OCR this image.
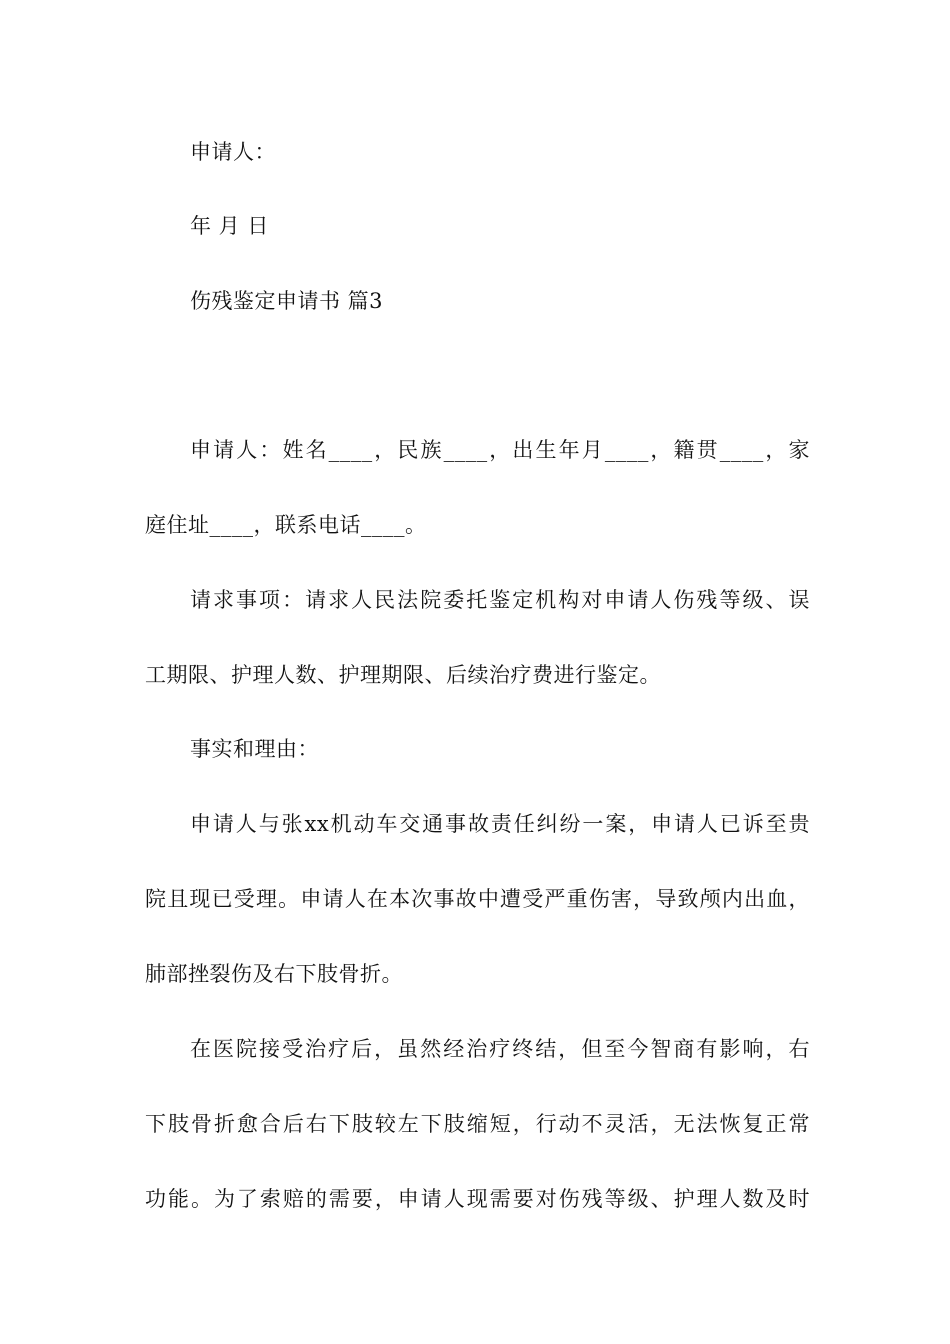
申请人：
年 月 日
伤残鉴定申请书 篇3
申请人：姓名____，民族____，出生年月____，籍贯____，家
庭住址____，联系电话____。
请求事项：请求人民法院委托鉴定机构对申请人伤残等级、误
工期限、护理人数、护理期限、后续治疗费进行鉴定。
事实和理由：
申请人与张xx机动车交通事故责任纠纷一案，申请人已诉至贵
院且现已受理。申请人在本次事故中遭受严重伤害，导致颅内出血，
肺部挫裂伤及右下肢骨折。
在医院接受治疗后，虽然经治疗终结，但至今智商有影响，右
下肢骨折愈合后右下肢较左下肢缩短，行动不灵活，无法恢复正常
功能。为了索赔的需要，申请人现需要对伤残等级、护理人数及时
